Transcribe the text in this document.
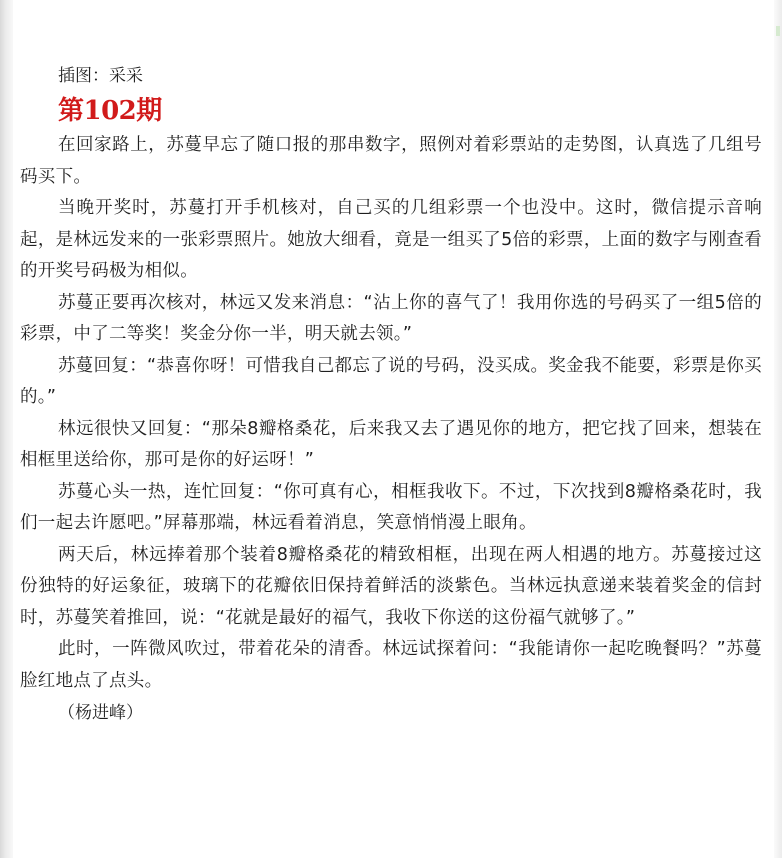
插图：采采
第102期

在回家路上，苏蔓早忘了随口报的那串数字，照例对着彩票站的走势图，认真选了几组号码买下。

当晚开奖时，苏蔓打开手机核对，自己买的几组彩票一个也没中。这时，微信提示音响起，是林远发来的一张彩票照片。她放大细看，竟是一组买了5倍的彩票，上面的数字与刚查看的开奖号码极为相似。

苏蔓正要再次核对，林远又发来消息：“沾上你的喜气了！我用你选的号码买了一组5倍的彩票，中了二等奖！奖金分你一半，明天就去领。”

苏蔓回复：“恭喜你呀！可惜我自己都忘了说的号码，没买成。奖金我不能要，彩票是你买的。”

林远很快又回复：“那朵8瓣格桑花，后来我又去了遇见你的地方，把它找了回来，想装在相框里送给你，那可是你的好运呀！”

苏蔓心头一热，连忙回复：“你可真有心，相框我收下。不过，下次找到8瓣格桑花时，我们一起去许愿吧。”屏幕那端，林远看着消息，笑意悄悄漫上眼角。

两天后，林远捧着那个装着8瓣格桑花的精致相框，出现在两人相遇的地方。苏蔓接过这份独特的好运象征，玻璃下的花瓣依旧保持着鲜活的淡紫色。当林远执意递来装着奖金的信封时，苏蔓笑着推回，说：“花就是最好的福气，我收下你送的这份福气就够了。”

此时，一阵微风吹过，带着花朵的清香。林远试探着问：“我能请你一起吃晚餐吗？”苏蔓脸红地点了点头。

（杨进峰）
